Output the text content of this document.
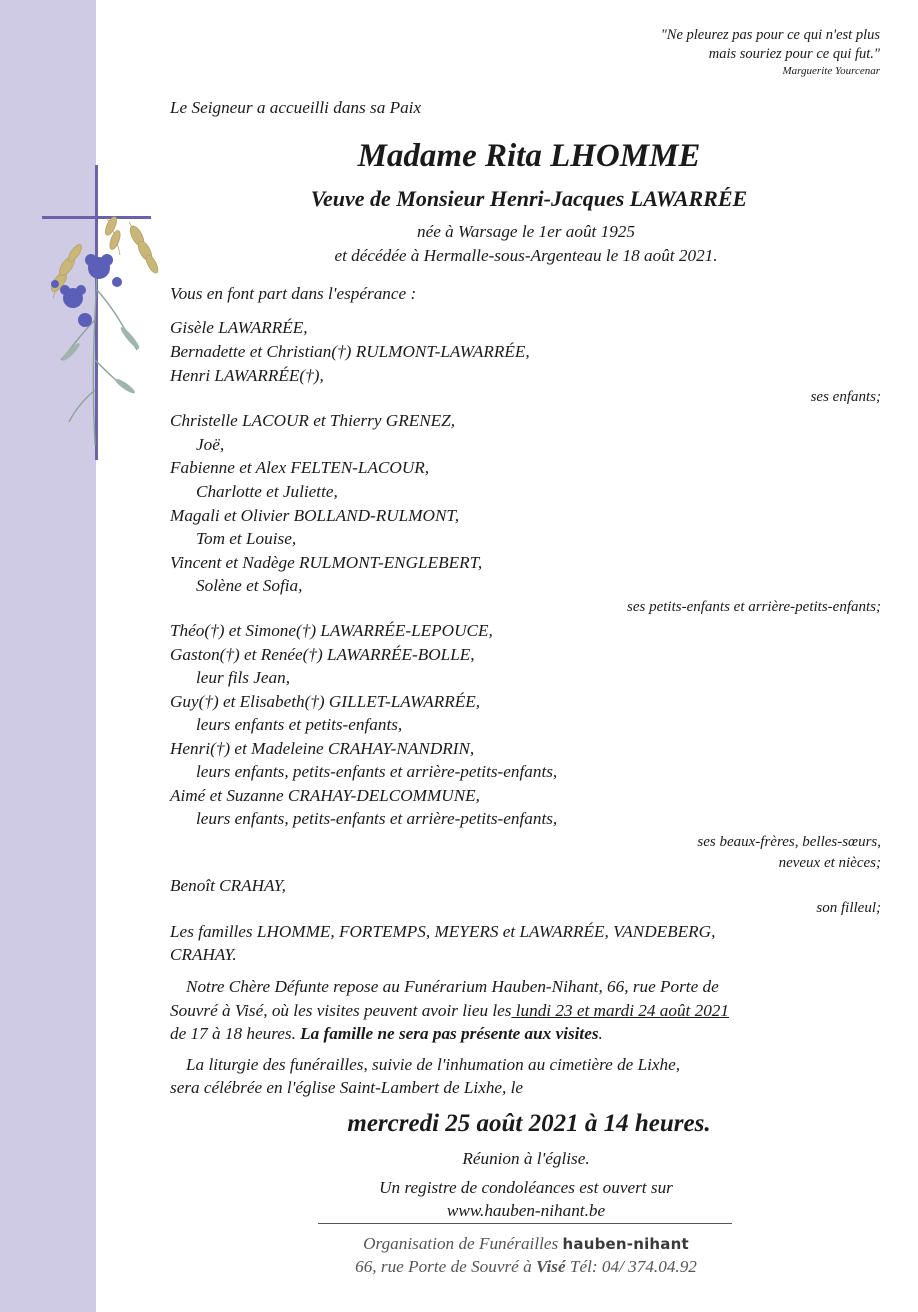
"Ne pleurez pas pour ce qui n'est plus
mais souriez pour ce qui fut."
Marguerite Yourcenar
Le Seigneur a accueilli dans sa Paix
Madame Rita LHOMME
Veuve de Monsieur Henri-Jacques LAWARRÉE
née à Warsage le 1er août 1925
et décédée à Hermalle-sous-Argenteau le 18 août 2021.
Vous en font part dans l'espérance :
Gisèle LAWARRÉE,
Bernadette et Christian(†) RULMONT-LAWARRÉE,
Henri LAWARRÉE(†),
ses enfants;
Christelle LACOUR et Thierry GRENEZ,
Joë,
Fabienne et Alex FELTEN-LACOUR,
Charlotte et Juliette,
Magali et Olivier BOLLAND-RULMONT,
Tom et Louise,
Vincent et Nadège RULMONT-ENGLEBERT,
Solène et Sofia,
ses petits-enfants et arrière-petits-enfants;
Théo(†) et Simone(†) LAWARRÉE-LEPOUCE,
Gaston(†) et Renée(†) LAWARRÉE-BOLLE,
leur fils Jean,
Guy(†) et Elisabeth(†) GILLET-LAWARRÉE,
leurs enfants et petits-enfants,
Henri(†) et Madeleine CRAHAY-NANDRIN,
leurs enfants, petits-enfants et arrière-petits-enfants,
Aimé et Suzanne CRAHAY-DELCOMMUNE,
leurs enfants, petits-enfants et arrière-petits-enfants,
ses beaux-frères, belles-sœurs,
neveux et nièces;
Benoît CRAHAY,
son filleul;
Les familles LHOMME, FORTEMPS, MEYERS et LAWARRÉE, VANDEBERG,
CRAHAY.
Notre Chère Défunte repose au Funérarium Hauben-Nihant, 66, rue Porte de
Souvré à Visé, où les visites peuvent avoir lieu les lundi 23 et mardi 24 août 2021
de 17 à 18 heures. La famille ne sera pas présente aux visites.
La liturgie des funérailles, suivie de l'inhumation au cimetière de Lixhe,
sera célébrée en l'église Saint-Lambert de Lixhe, le
mercredi 25 août 2021 à 14 heures.
Réunion à l'église.
Un registre de condoléances est ouvert sur
www.hauben-nihant.be
Organisation de Funérailles hauben-nihant
66, rue Porte de Souvré à Visé Tél: 04/ 374.04.92
